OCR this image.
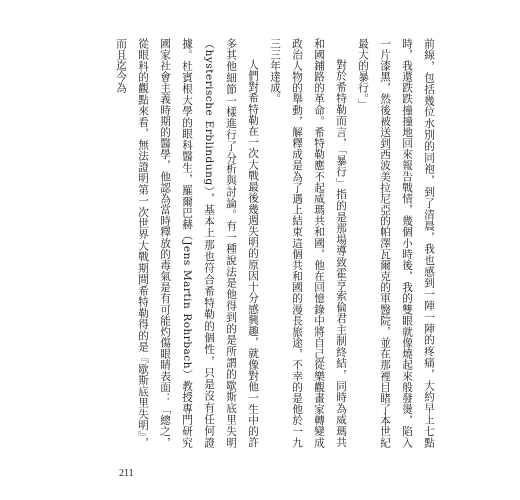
前線，包括幾位水別的同袍，到了清晨，我也感到一陣一陣的疼痛，大約早上七點時，我還跌跌撞撞地回來報告戰情，幾個小時後，我的雙眼就像燒起來般發燙，陷入一片漆黑，然後被送到西波美拉尼亞的帕澤瓦爾克的軍醫院，並在那裡目睹了本世紀最大的暴行。」

對於希特勒而言，「暴行」指的是那場導致霍亨索倫君主制終結，同時為威瑪共和國鋪路的革命。希特勒應不起威瑪共和國，他在回憶錄中將自己從樂觀畫家轉變成政治人物的舉動，解釋成是為了遇上結束這個共和國的漫長旅途，不幸的是他於一九三三年達成。

人們對希特勒在一次大戰最後幾週失明的原因十分感興趣，就像對他一生中的許多其他細節一樣進行了分析與討論。有一種說法是他得到的是所謂的歇斯底里失明（hysterische Erblindung），基本上那也符合希特勒的個性，只是沒有任何證據。杜賓根大學的眼科醫生，羅爾巴赫（Jens Martin Rohrbach）教授專門研究國家社會主義時期的醫學，他認為當時釋放的毒氣是有可能灼傷眼睛表面：「總之，從眼科的觀點來看，無法證明第一次世界大戰期間希特勒得的是『歇斯底里失明』，而且迄今為

211
